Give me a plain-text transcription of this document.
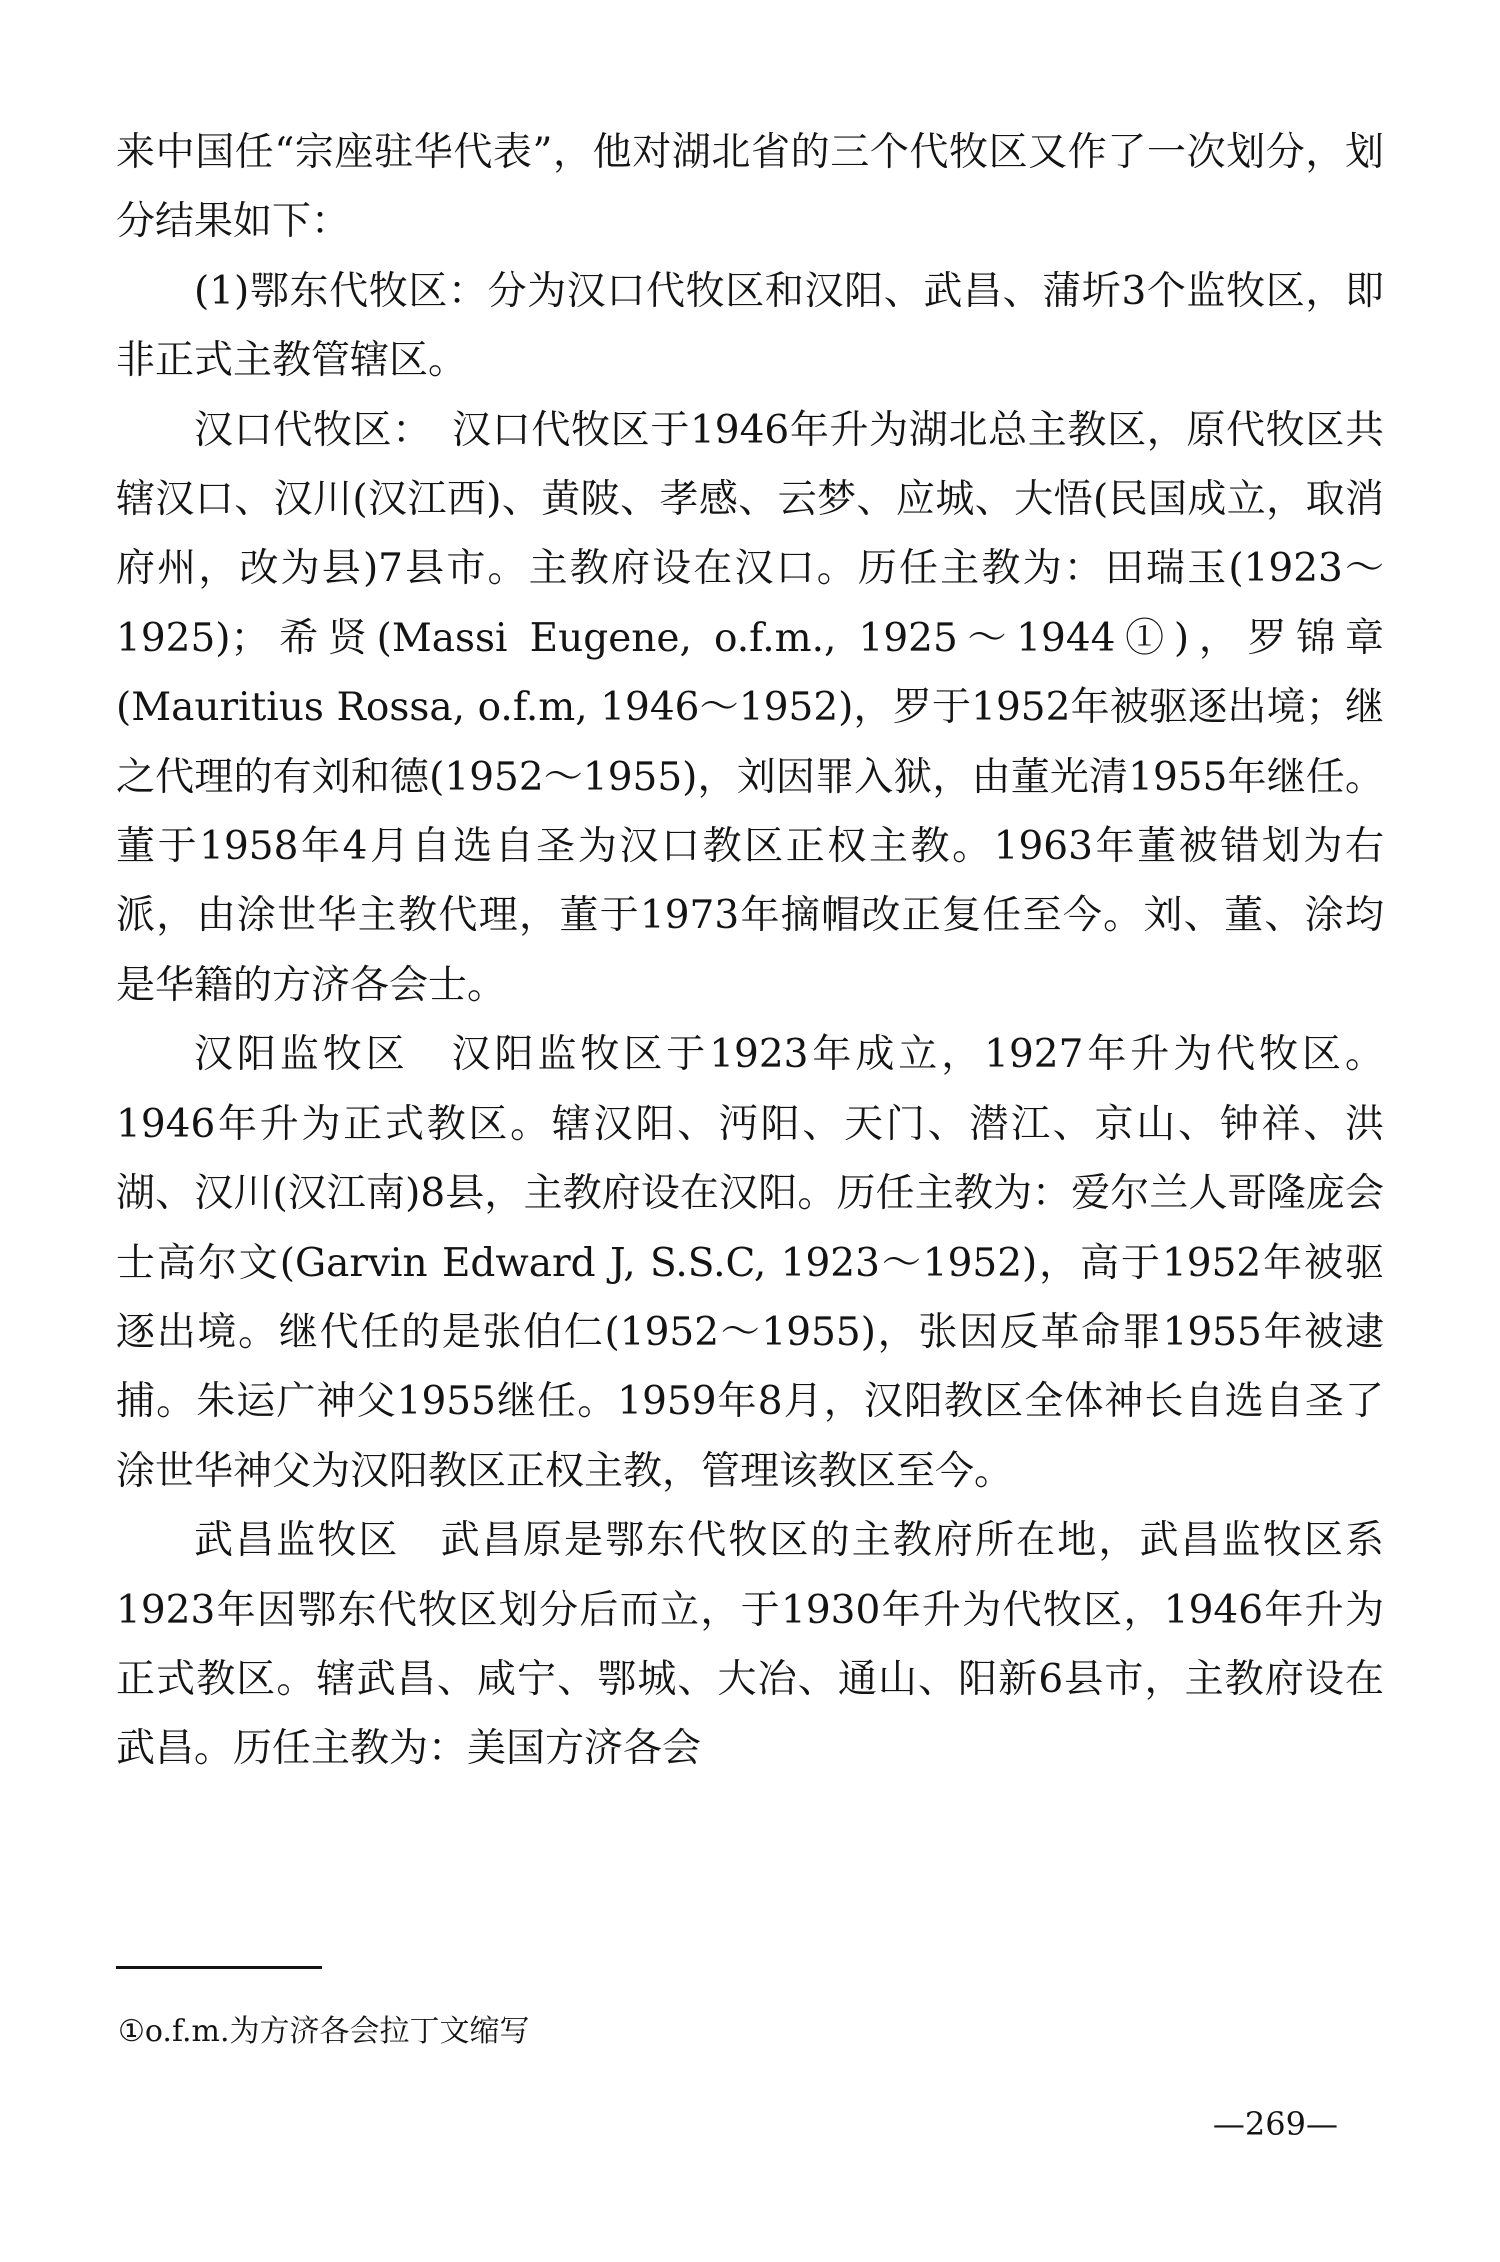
来中国任“宗座驻华代表”，他对湖北省的三个代牧区又作了一次划分，划分结果如下：

(1)鄂东代牧区：分为汉口代牧区和汉阳、武昌、蒲圻3个监牧区，即非正式主教管辖区。

汉口代牧区：　汉口代牧区于1946年升为湖北总主教区，原代牧区共辖汉口、汉川(汉江西)、黄陂、孝感、云梦、应城、大悟(民国成立，取消府州，改为县)7县市。主教府设在汉口。历任主教为：田瑞玉(1923～1925)；希贤(Massi Eugene, o.f.m., 1925～1944①)，罗锦章(Mauritius Rossa, o.f.m, 1946～1952)，罗于1952年被驱逐出境；继之代理的有刘和德(1952～1955)，刘因罪入狱，由董光清1955年继任。董于1958年4月自选自圣为汉口教区正权主教。1963年董被错划为右派，由涂世华主教代理，董于1973年摘帽改正复任至今。刘、董、涂均是华籍的方济各会士。

汉阳监牧区　汉阳监牧区于1923年成立，1927年升为代牧区。1946年升为正式教区。辖汉阳、沔阳、天门、潜江、京山、钟祥、洪湖、汉川(汉江南)8县，主教府设在汉阳。历任主教为：爱尔兰人哥隆庞会士高尔文(Garvin Edward J, S.S.C, 1923～1952)，高于1952年被驱逐出境。继代任的是张伯仁(1952～1955)，张因反革命罪1955年被逮捕。朱运广神父1955继任。1959年8月，汉阳教区全体神长自选自圣了涂世华神父为汉阳教区正权主教，管理该教区至今。

武昌监牧区　武昌原是鄂东代牧区的主教府所在地，武昌监牧区系1923年因鄂东代牧区划分后而立，于1930年升为代牧区，1946年升为正式教区。辖武昌、咸宁、鄂城、大冶、通山、阳新6县市，主教府设在武昌。历任主教为：美国方济各会

①o.f.m.为方济各会拉丁文缩写
—269—
